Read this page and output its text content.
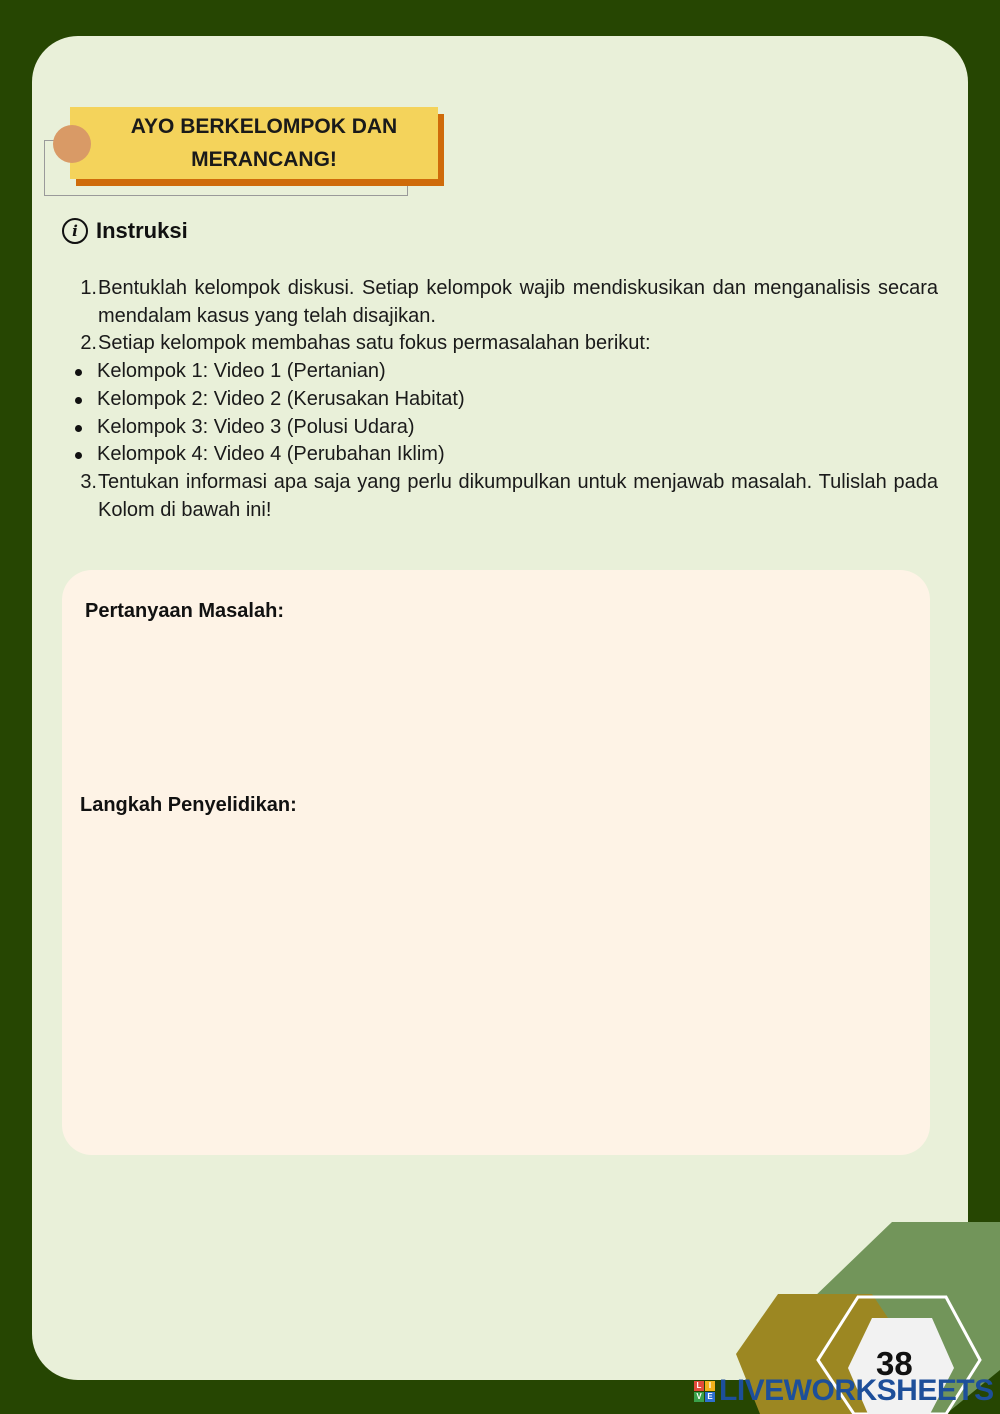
AYO BERKELOMPOK DAN MERANCANG!
i Instruksi
1. Bentuklah kelompok diskusi. Setiap kelompok wajib mendiskusikan dan menganalisis secara mendalam kasus yang telah disajikan.
2. Setiap kelompok membahas satu fokus permasalahan berikut:
Kelompok 1: Video 1 (Pertanian)
Kelompok 2: Video 2 (Kerusakan Habitat)
Kelompok 3: Video 3 (Polusi Udara)
Kelompok 4: Video 4 (Perubahan Iklim)
3. Tentukan informasi apa saja yang perlu dikumpulkan untuk menjawab masalah. Tulislah pada Kolom di bawah ini!
Pertanyaan Masalah:
Langkah Penyelidikan:
38
L I
V E LIVEWORKSHEETS
